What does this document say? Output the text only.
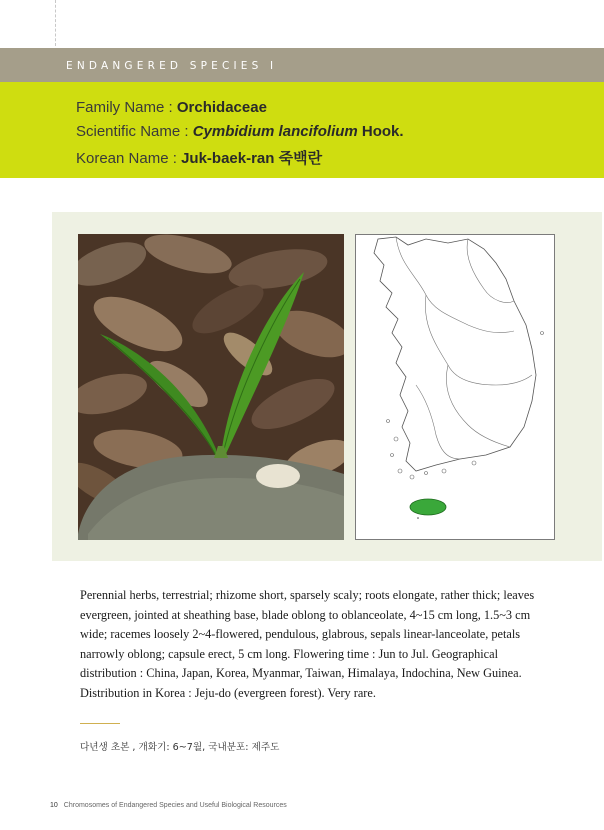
ENDANGERED SPECIES I
Family Name : Orchidaceae
Scientific Name : Cymbidium lancifolium Hook.
Korean Name : Juk-baek-ran 죽백란

Perennial herbs, terrestrial; rhizome short, sparsely scaly; roots elongate, rather thick; leaves evergreen, jointed at sheathing base, blade oblong to oblanceolate, 4~15 cm long, 1.5~3 cm wide; racemes loosely 2~4-flowered, pendulous, glabrous, sepals linear-lanceolate, petals narrowly oblong; capsule erect, 5 cm long. Flowering time : Jun to Jul. Geographical distribution : China, Japan, Korea, Myanmar, Taiwan, Himalaya, Indochina, New Guinea. Distribution in Korea : Jeju-do (evergreen forest). Very rare.

다년생 초본 , 개화기: 6~7월, 국내분포: 제주도
10 Chromosomes of Endangered Species and Useful Biological Resources
